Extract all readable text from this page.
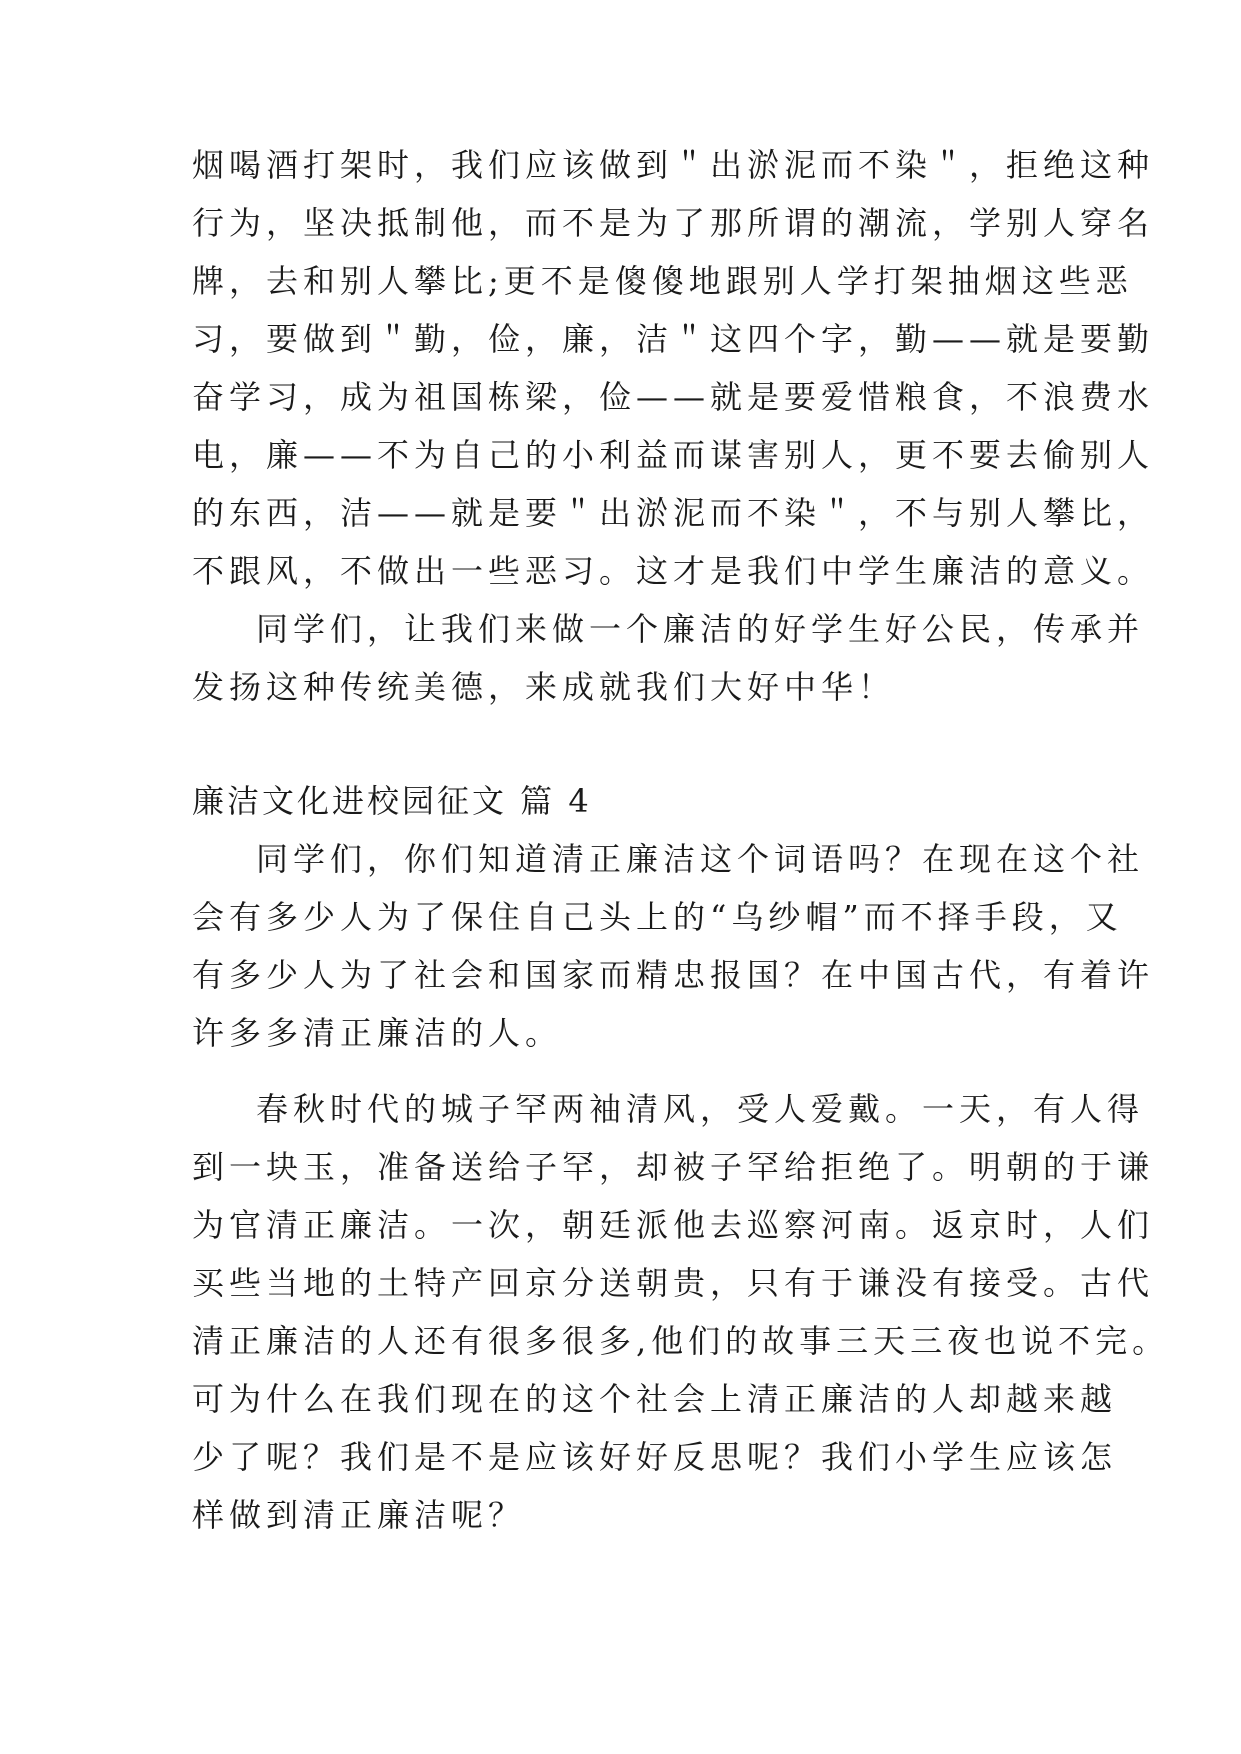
烟喝酒打架时，我们应该做到＂出淤泥而不染＂，拒绝这种
行为，坚决抵制他，而不是为了那所谓的潮流，学别人穿名
牌，去和别人攀比;更不是傻傻地跟别人学打架抽烟这些恶
习，要做到＂勤，俭，廉，洁＂这四个字，勤——就是要勤
奋学习，成为祖国栋梁，俭——就是要爱惜粮食，不浪费水
电，廉——不为自己的小利益而谋害别人，更不要去偷别人
的东西，洁——就是要＂出淤泥而不染＂，不与别人攀比，
不跟风，不做出一些恶习。这才是我们中学生廉洁的意义。
同学们，让我们来做一个廉洁的好学生好公民，传承并
发扬这种传统美德，来成就我们大好中华！
廉洁文化进校园征文 篇 4
同学们，你们知道清正廉洁这个词语吗？在现在这个社
会有多少人为了保住自己头上的“乌纱帽”而不择手段，又
有多少人为了社会和国家而精忠报国？在中国古代，有着许
许多多清正廉洁的人。
春秋时代的城子罕两袖清风，受人爱戴。一天，有人得
到一块玉，准备送给子罕，却被子罕给拒绝了。明朝的于谦
为官清正廉洁。一次，朝廷派他去巡察河南。返京时，人们
买些当地的土特产回京分送朝贵，只有于谦没有接受。古代
清正廉洁的人还有很多很多,他们的故事三天三夜也说不完。
可为什么在我们现在的这个社会上清正廉洁的人却越来越
少了呢？我们是不是应该好好反思呢？我们小学生应该怎
样做到清正廉洁呢？
